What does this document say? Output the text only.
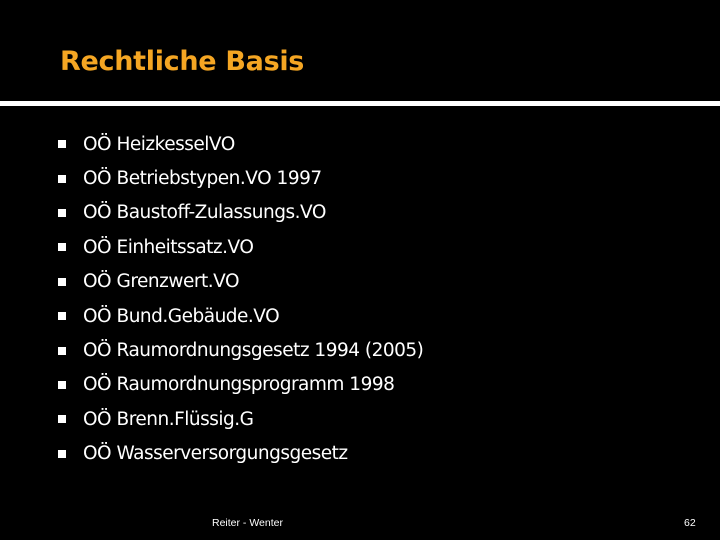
Rechtliche Basis
OÖ HeizkesselVO
OÖ Betriebstypen.VO 1997
OÖ Baustoff-Zulassungs.VO
OÖ Einheitssatz.VO
OÖ Grenzwert.VO
OÖ Bund.Gebäude.VO
OÖ Raumordnungsgesetz 1994 (2005)
OÖ Raumordnungsprogramm 1998
OÖ Brenn.Flüssig.G
OÖ Wasserversorgungsgesetz
Reiter - Wenter	62
